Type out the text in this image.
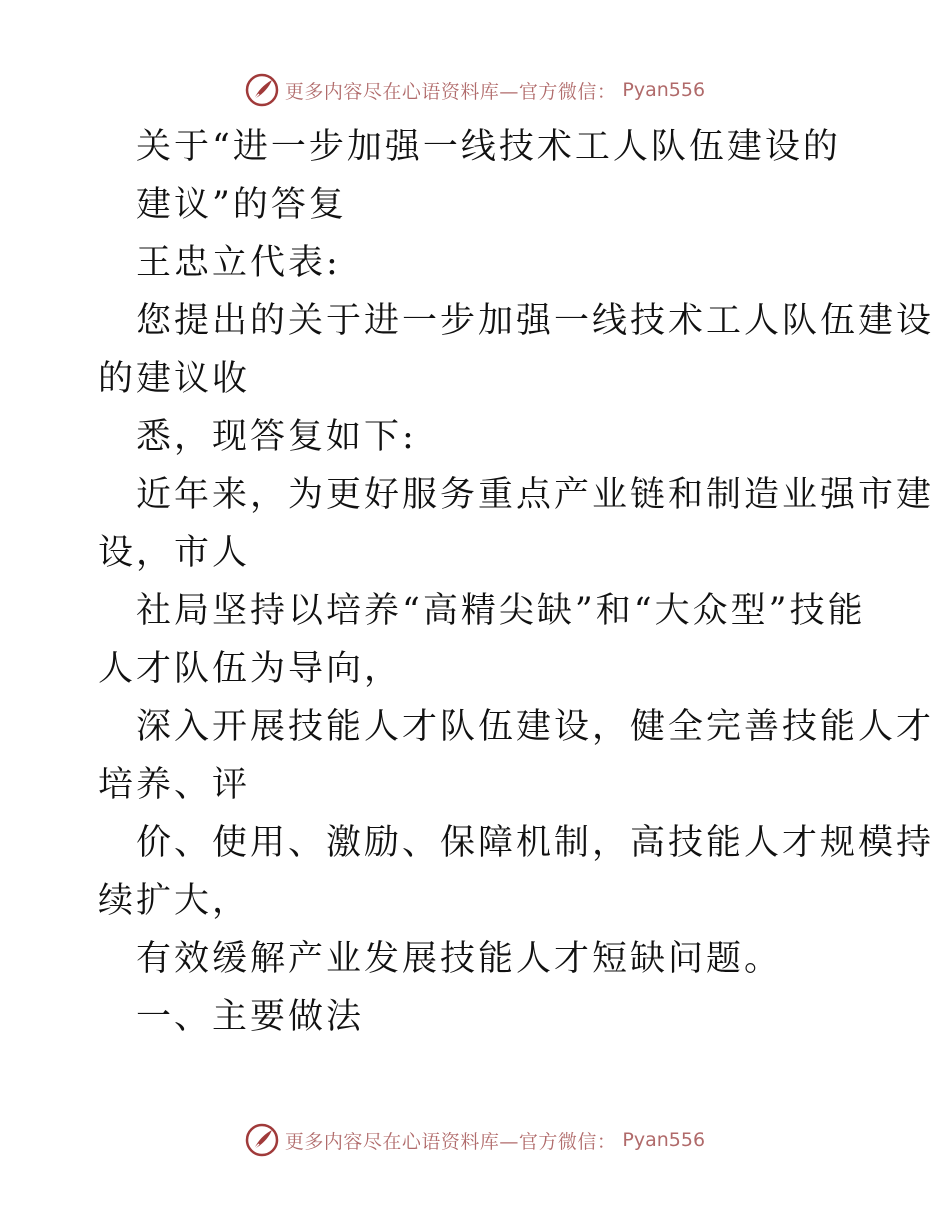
更多内容尽在心语资料库—官方微信： Pyan556
关于“进一步加强一线技术工人队伍建设的
建议”的答复
王忠立代表:
您提出的关于进一步加强一线技术工人队伍建设
的建议收
悉，现答复如下:
近年来，为更好服务重点产业链和制造业强市建
设，市人
社局坚持以培养“高精尖缺”和“大众型”技能
人才队伍为导向，
深入开展技能人才队伍建设，健全完善技能人才
培养、评
价、使用、激励、保障机制，高技能人才规模持
续扩大，
有效缓解产业发展技能人才短缺问题。
一、主要做法
更多内容尽在心语资料库—官方微信： Pyan556
